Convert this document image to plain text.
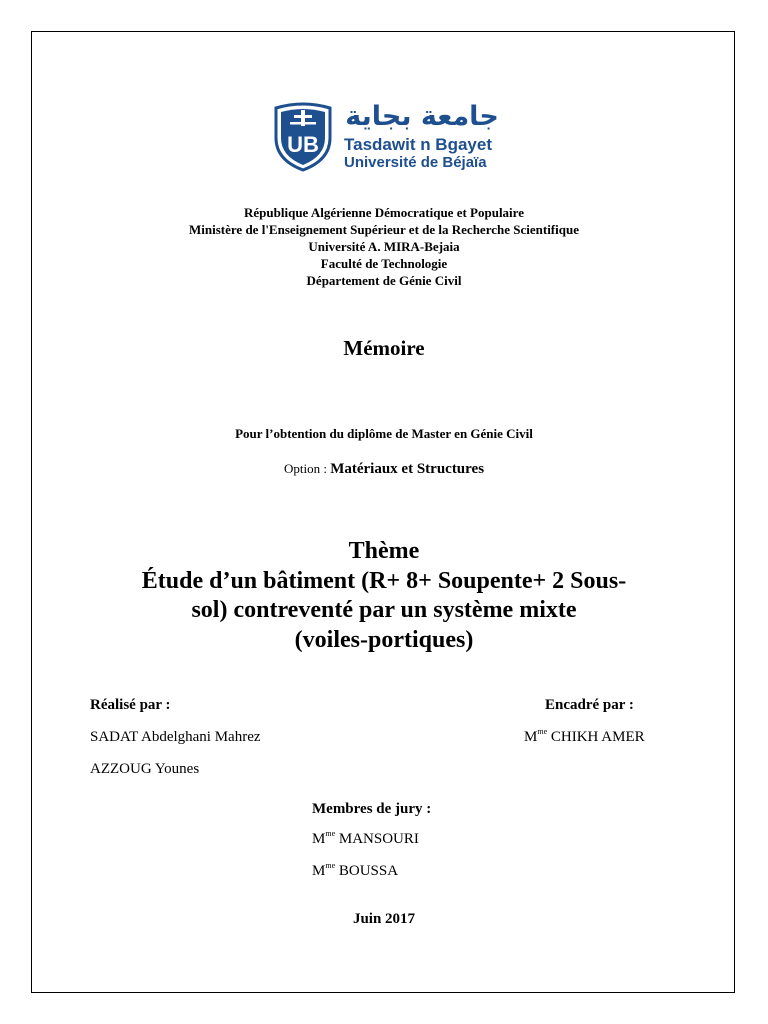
UB
جامعة بجاية
Tasdawit n Bgayet
Université de Béjaïa
République Algérienne Démocratique et Populaire
Ministère de l'Enseignement Supérieur et de la Recherche Scientifique
Université A. MIRA-Bejaia
Faculté de Technologie
Département de Génie Civil
Mémoire
Pour l’obtention du diplôme de Master en Génie Civil
Option : Matériaux et Structures
Thème
Étude d’un bâtiment (R+ 8+ Soupente+ 2 Sous-
sol) contreventé par un système mixte
(voiles-portiques)
Réalisé par :
SADAT Abdelghani Mahrez
AZZOUG Younes
Encadré par :
$M^{me}$ CHIKH AMER
Membres de jury :
$M^{me}$ MANSOURI
$M^{me}$ BOUSSA
Juin 2017
